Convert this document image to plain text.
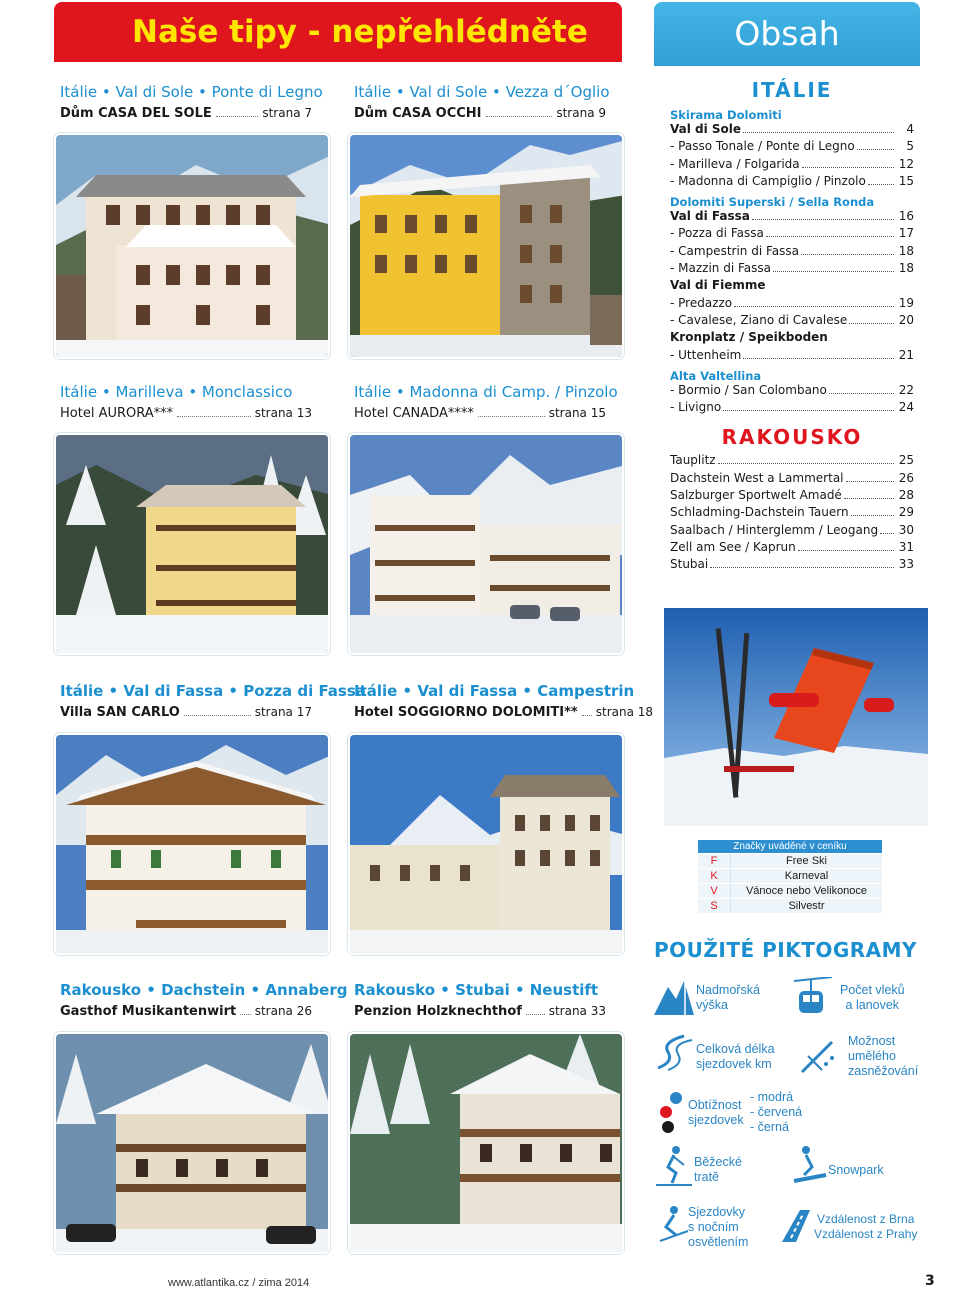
Naše tipy - nepřehlédněte	Obsah
Itálie • Val di Sole • Ponte di Legno
Dům CASA DEL SOLE	strana 7
Itálie • Val di Sole • Vezza d´Oglio
Dům CASA OCCHI	strana 9
Itálie • Marilleva • Monclassico
Hotel AURORA***	strana 13
Itálie • Madonna di Camp. / Pinzolo
Hotel CANADA****	strana 15
ITÁLIE
Skirama Dolomiti
Val di Sole	4
- Passo Tonale / Ponte di Legno	5
- Marilleva / Folgarida	12
- Madonna di Campiglio / Pinzolo	15
Dolomiti Superski / Sella Ronda
Val di Fassa	16
- Pozza di Fassa	17
- Campestrin di Fassa	18
- Mazzin di Fassa	18
Val di Fiemme
- Predazzo	19
- Cavalese, Ziano di Cavalese	20
Kronplatz / Speikboden
- Uttenheim	21
Alta Valtellina
- Bormio / San Colombano	22
- Livigno	24
RAKOUSKO
Tauplitz	25
Dachstein West a Lammertal	26
Salzburger Sportwelt Amadé	28
Schladming-Dachstein Tauern	29
Saalbach / Hinterglemm / Leogang 30
Zell am See / Kaprun	31
Stubai	33
Itálie • Val di Fassa • Pozza di Fassa
Villa SAN CARLO	strana 17
Itálie • Val di Fassa • Campestrin
Hotel SOGGIORNO DOLOMITI** strana 18
Značky uváděné v ceníku
F	Free Ski
K	Karneval
V	Vánoce nebo Velikonoce
S	Silvestr
POUŽITÉ PIKTOGRAMY
Nadmořská
výška
Počet vleků
a lanovek
Celková délka
sjezdovek km
Možnost
umělého
zasněžování
Obtížnost
sjezdovek
- modrá
- červená
- černá
Běžecké
tratě	Snowpark
Sjezdovky
s nočním
osvětlením
Vzdálenost z Brna
Vzdálenost z Prahy
Rakousko • Dachstein • Annaberg
Gasthof Musikantenwirt strana 26
Rakousko • Stubai • Neustift
Penzion Holzknechthof strana 33
www.atlantika.cz / zima 2014	3
